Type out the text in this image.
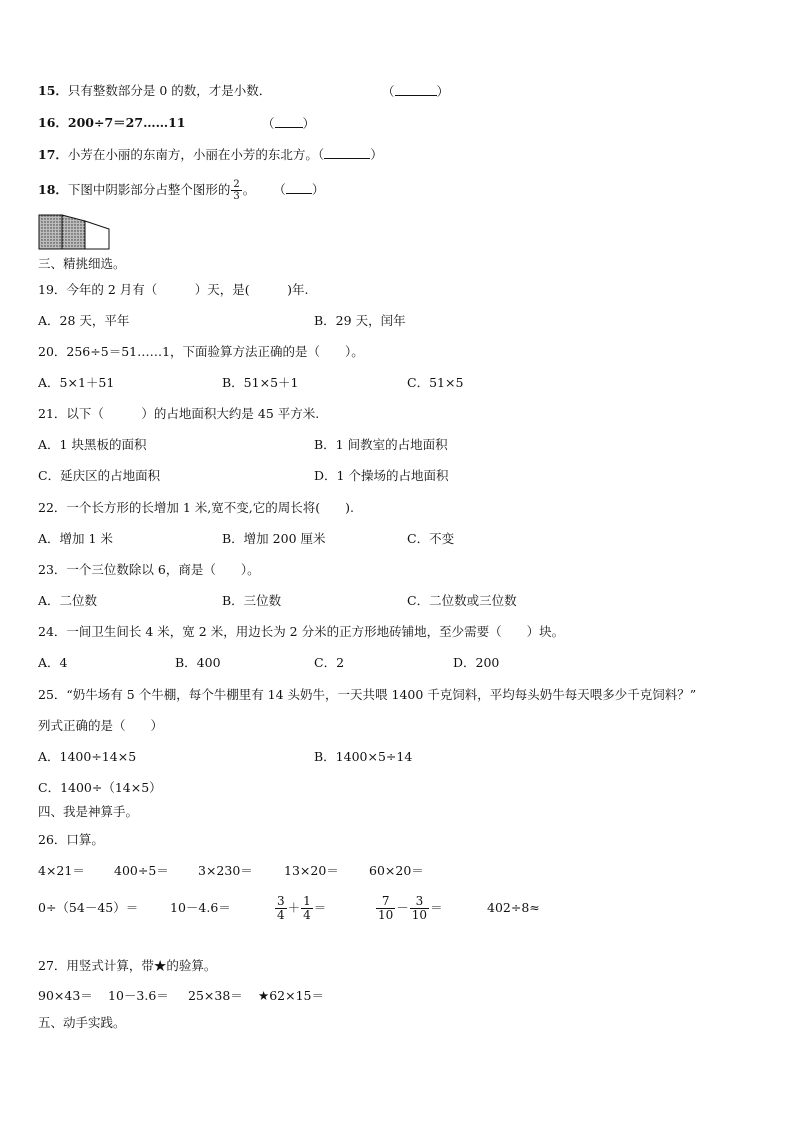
15．只有整数部分是 0 的数，才是小数．	（	）
16．200÷7＝27……11	（ ）
17．小芳在小丽的东南方，小丽在小芳的东北方。（	）
18．下图中阴影部分占整个图形的 $\frac{2}{3}$ 。 （ ）
三、精挑细选。
19．今年的 2 月有（　　　）天，是(　　　)年.
A．28 天，平年	B．29 天，闰年
20．256÷5＝51……1，下面验算方法正确的是（　　）。
A．5×1＋51	B．51×5＋1	C．51×5
21．以下（　　　）的占地面积大约是 45 平方米.
A．1 块黑板的面积	B．1 间教室的占地面积
C．延庆区的占地面积	D．1 个操场的占地面积
22．一个长方形的长增加 1 米,宽不变,它的周长将(　　).
A．增加 1 米	B．增加 200 厘米	C．不变
23．一个三位数除以 6，商是（　　）。
A．二位数	B．三位数	C．二位数或三位数
24．一间卫生间长 4 米，宽 2 米，用边长为 2 分米的正方形地砖铺地，至少需要（　　）块。
A．4	B．400	C．2	D．200
25．“奶牛场有 5 个牛棚，每个牛棚里有 14 头奶牛，一天共喂 1400 千克饲料，平均每头奶牛每天喂多少千克饲料？”
列式正确的是（　　）
A．1400÷14×5	B．1400×5÷14
C．1400÷（14×5）
四、我是神算手。
26．口算。
4×21＝ 400÷5＝ 3×230＝ 13×20＝ 60×20＝
0÷（54－45）＝	10－4.6＝	$\frac{3}{4} + \frac{1}{4}$ ＝	$\frac{7}{10} - \frac{3}{10}$ ＝	402÷8≈
27．用竖式计算，带★的验算。
90×43＝ 10－3.6＝ 25×38＝ ★62×15＝
五、动手实践。
